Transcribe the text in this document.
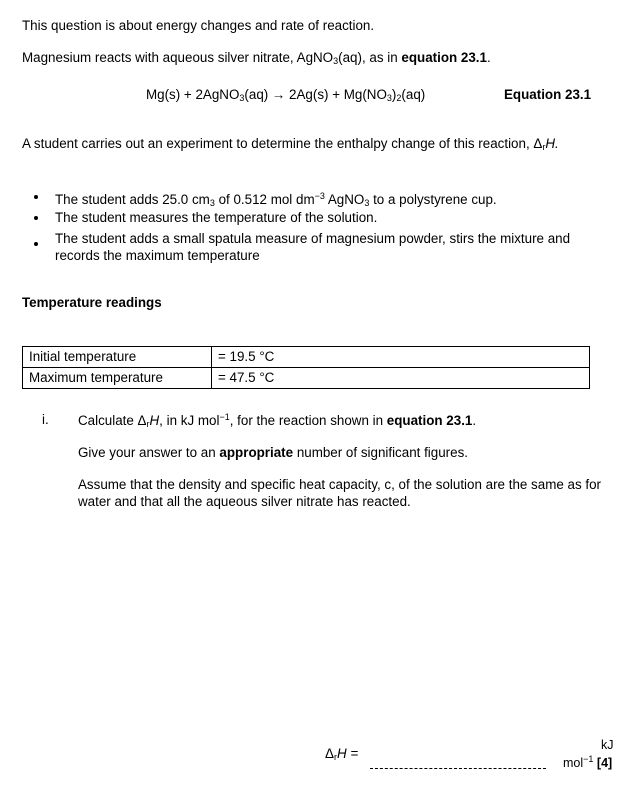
This question is about energy changes and rate of reaction.
Magnesium reacts with aqueous silver nitrate, AgNO$_3$(aq), as in equation 23.1.
Mg(s) + 2AgNO$_3$(aq) → $2Ag(s) + Mg(NO_3)_2(aq)$	Equation 23.1
A student carries out an experiment to determine the enthalpy change of this reaction, $\Delta_rH$.
The student adds 25.0 $cm_3$ of 0.512 mol $dm^{-3}$ AgNO$_3$ to a polystyrene cup.
The student measures the temperature of the solution.
The student adds a small spatula measure of magnesium powder, stirs the mixture and
records the maximum temperature
Temperature readings
Initial temperature	= 19.5 °C
Maximum temperature	= 47.5 °C
i. Calculate $\Delta_rH$, in kJ mol$^{-1}$, for the reaction shown in equation 23.1.
Give your answer to an appropriate number of significant figures.
Assume that the density and specific heat capacity, c, of the solution are the same as for
water and that all the aqueous silver nitrate has reacted.
$\Delta_rH$ =
kJ
mol$^{-1}$ [4]
